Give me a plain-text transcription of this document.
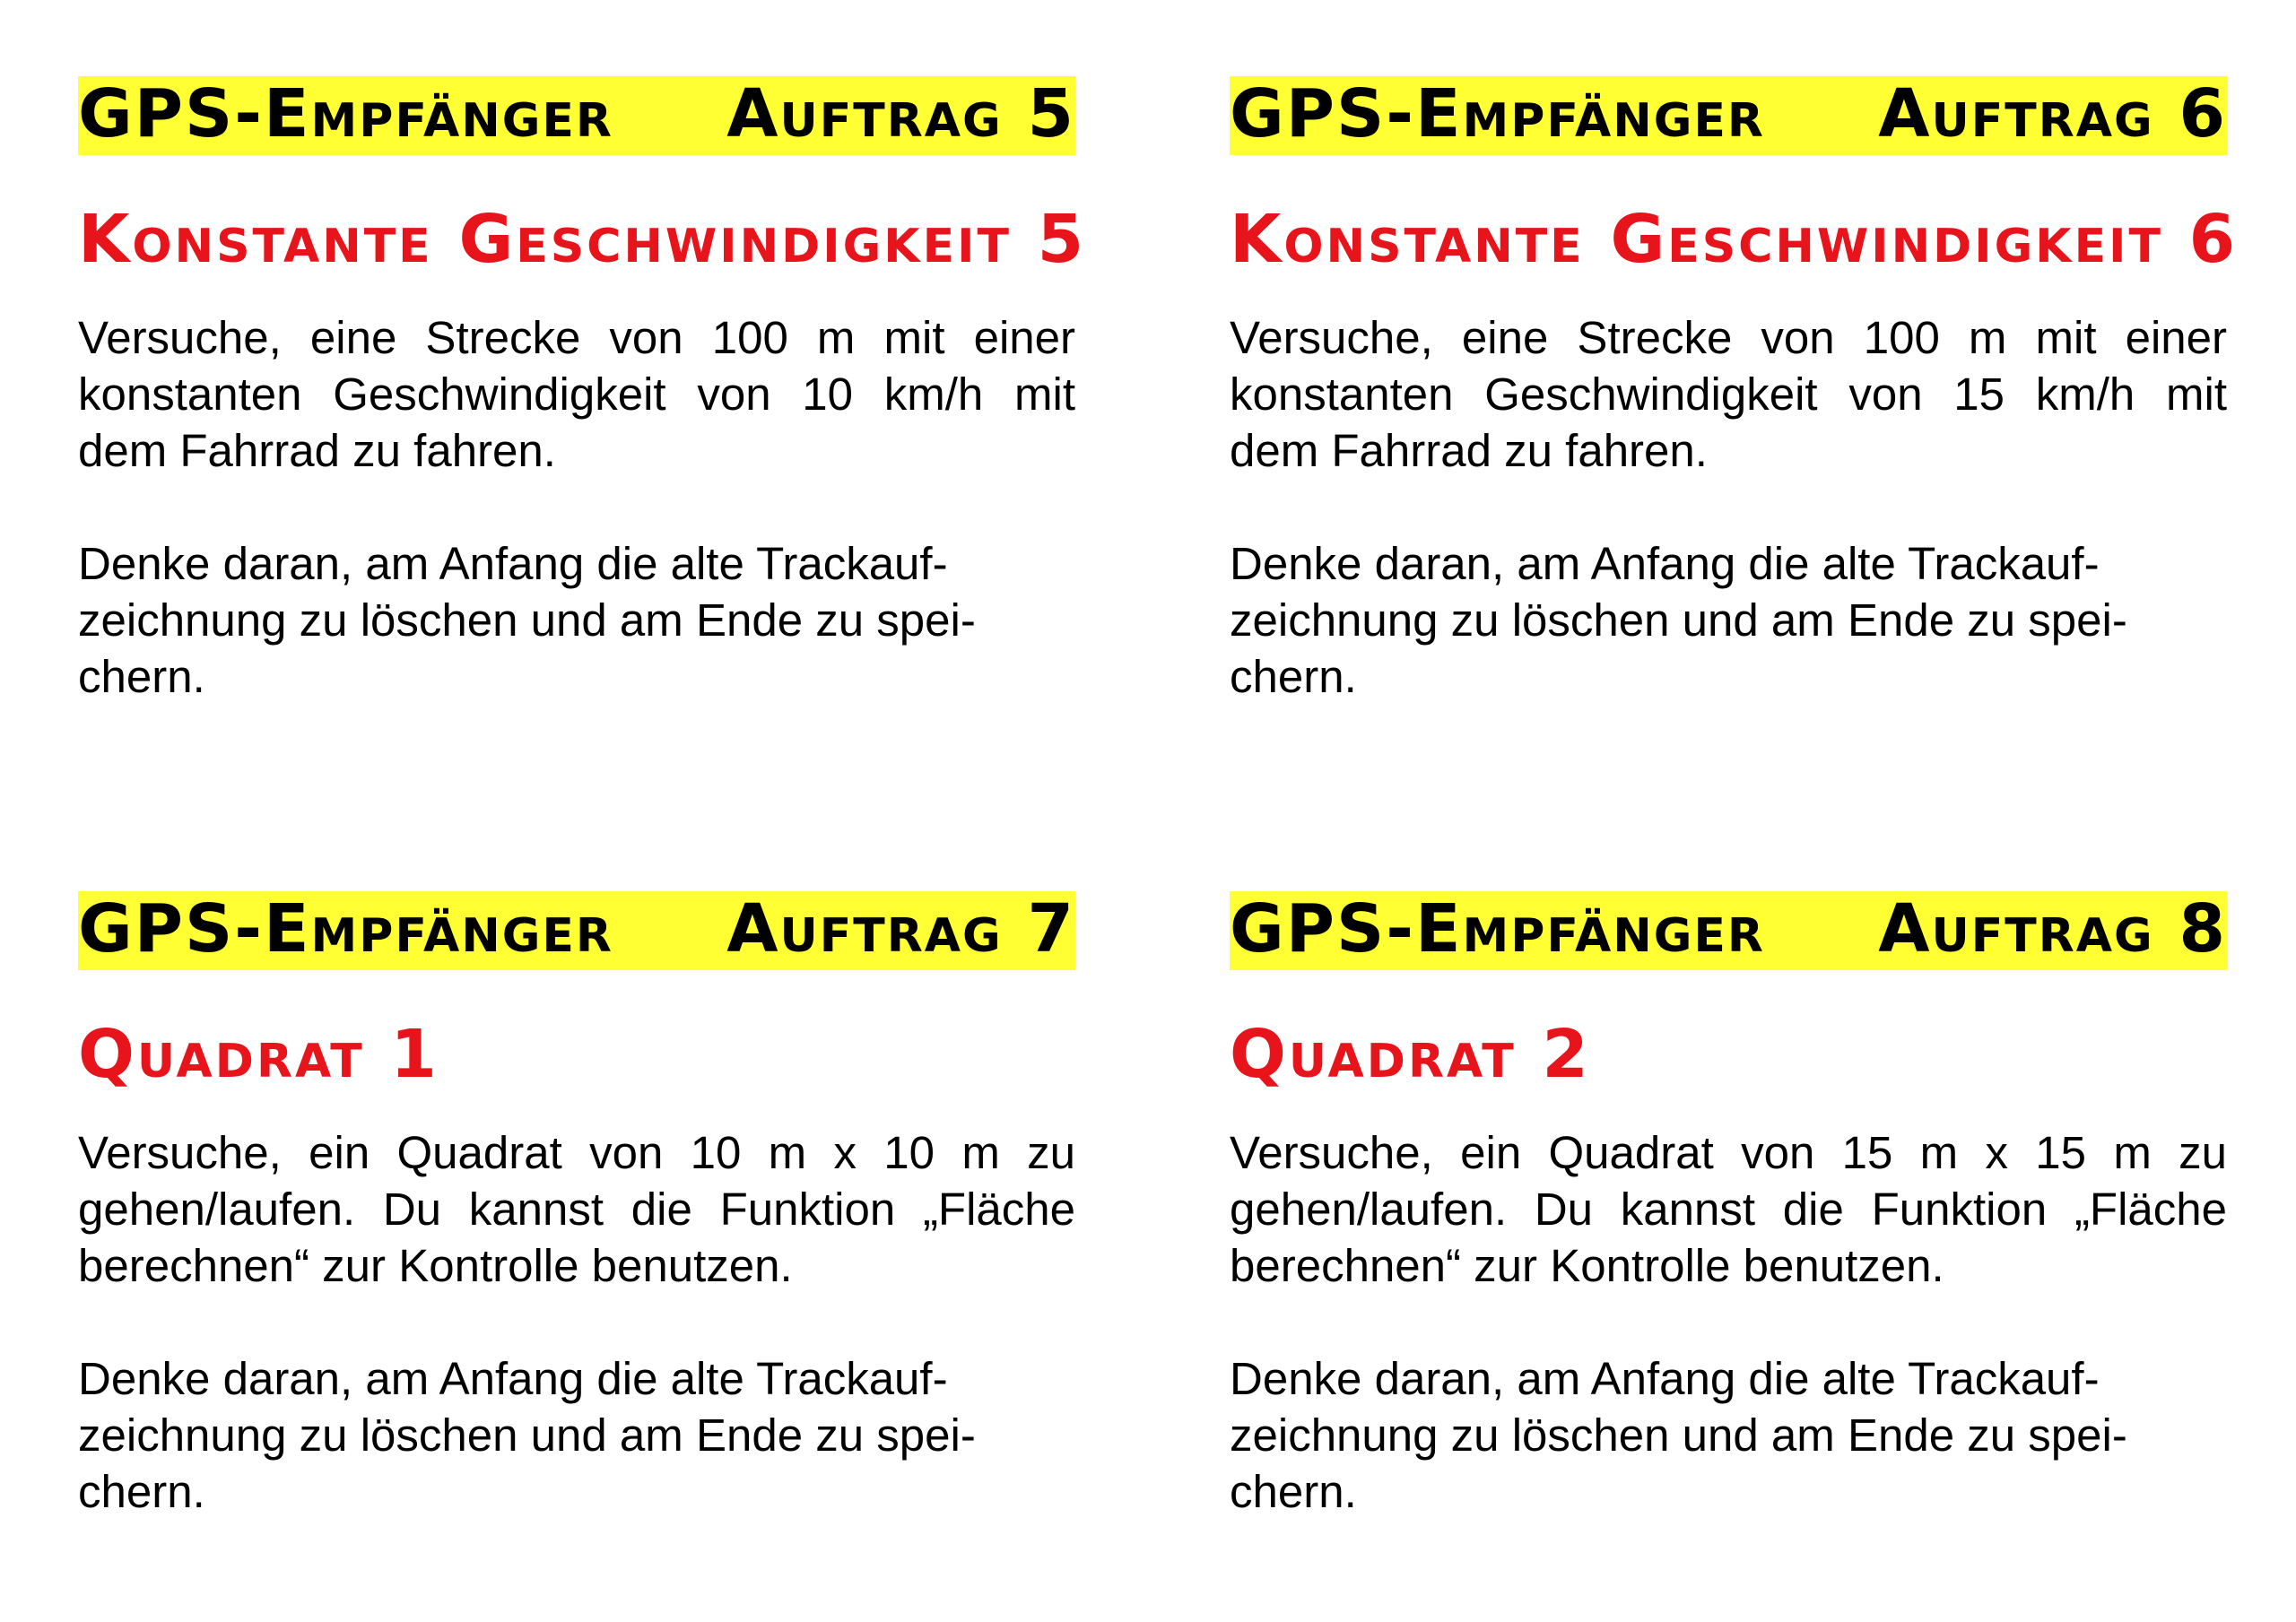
GPS-Empfänger Auftrag 5
Konstante Geschwindigkeit 5

Versuche, eine Strecke von 100 m mit einer konstanten Geschwindigkeit von 10 km/h mit dem Fahrrad zu fahren.

Denke daran, am Anfang die alte Trackauf-
zeichnung zu löschen und am Ende zu spei-
chern.

GPS-Empfänger Auftrag 6
Konstante Geschwindigkeit 6

Versuche, eine Strecke von 100 m mit einer konstanten Geschwindigkeit von 15 km/h mit dem Fahrrad zu fahren.

Denke daran, am Anfang die alte Trackauf-
zeichnung zu löschen und am Ende zu spei-
chern.

GPS-Empfänger Auftrag 7
Quadrat 1

Versuche, ein Quadrat von 10 m x 10 m zu gehen/laufen. Du kannst die Funktion „Fläche berechnen“ zur Kontrolle benutzen.

Denke daran, am Anfang die alte Trackauf-
zeichnung zu löschen und am Ende zu spei-
chern.

GPS-Empfänger Auftrag 8
Quadrat 2

Versuche, ein Quadrat von 15 m x 15 m zu gehen/laufen. Du kannst die Funktion „Fläche berechnen“ zur Kontrolle benutzen.

Denke daran, am Anfang die alte Trackauf-
zeichnung zu löschen und am Ende zu spei-
chern.
